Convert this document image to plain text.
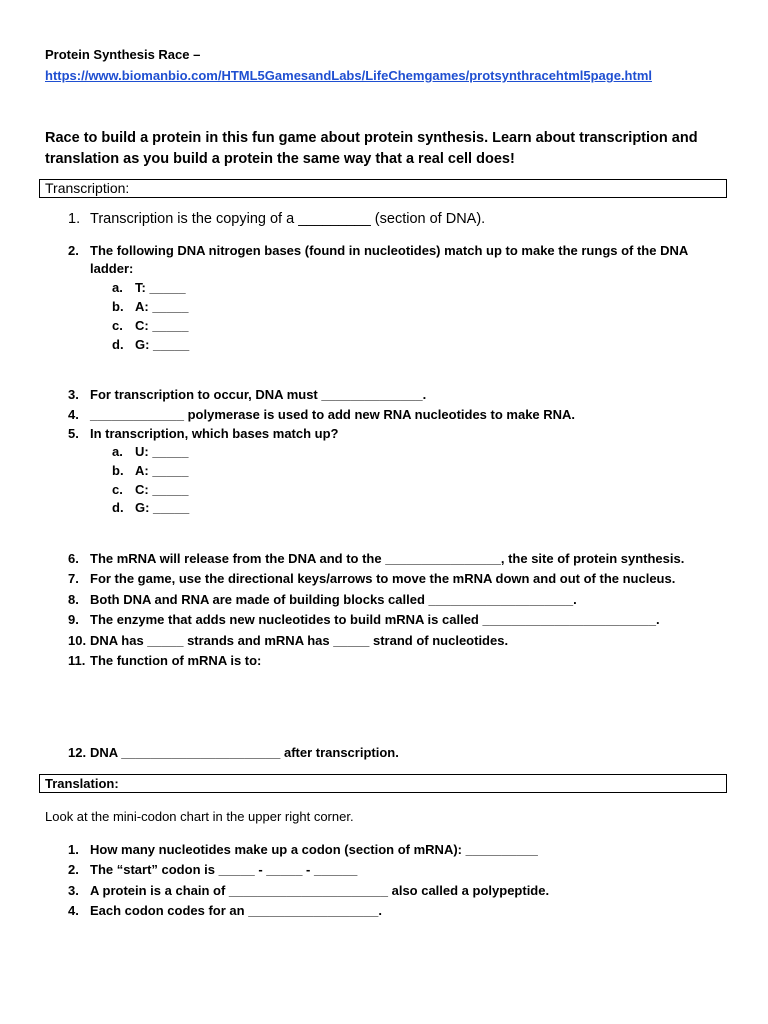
Protein Synthesis Race –
https://www.biomanbio.com/HTML5GamesandLabs/LifeChemgames/protsynthracehtml5page.html
Race to build a protein in this fun game about protein synthesis. Learn about transcription and translation as you build a protein the same way that a real cell does!
Transcription:
1. Transcription is the copying of a _________ (section of DNA).
2. The following DNA nitrogen bases (found in nucleotides) match up to make the rungs of the DNA ladder:
a. T: _____
b. A: _____
c. C: _____
d. G: _____
3. For transcription to occur, DNA must ______________.
4. _____________ polymerase is used to add new RNA nucleotides to make RNA.
5. In transcription, which bases match up?
a. U: _____
b. A: _____
c. C: _____
d. G: _____
6. The mRNA will release from the DNA and to the ________________, the site of protein synthesis.
7. For the game, use the directional keys/arrows to move the mRNA down and out of the nucleus.
8. Both DNA and RNA are made of building blocks called ____________________.
9. The enzyme that adds new nucleotides to build mRNA is called ________________________.
10. DNA has _____ strands and mRNA has _____ strand of nucleotides.
11. The function of mRNA is to:
12. DNA ______________________ after transcription.
Translation:
Look at the mini-codon chart in the upper right corner.
1. How many nucleotides make up a codon (section of mRNA): __________
2. The “start” codon is _____ - _____ - ______
3. A protein is a chain of ______________________ also called a polypeptide.
4. Each codon codes for an __________________.
